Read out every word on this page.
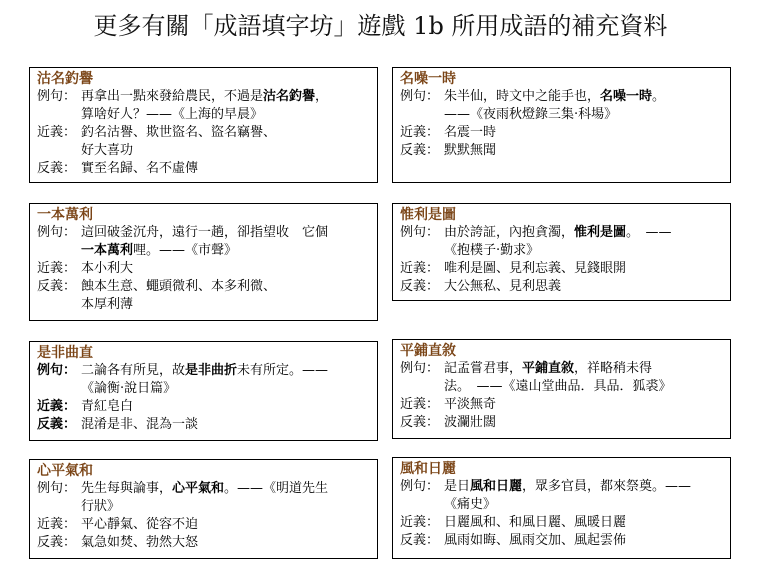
更多有關「成語填字坊」遊戲 1b 所用成語的補充資料
沽名釣譽
例句： 再拿出一點來發給農民，不過是沽名釣譽，
算啥好人？——《上海的早晨》
近義： 釣名沽譽、欺世盜名、盜名竊譽、
好大喜功
反義： 實至名歸、名不虛傳
名噪一時
例句： 朱半仙，時文中之能手也，名噪一時。
——《夜雨秋燈錄三集·科場》
近義： 名震一時
反義： 默默無聞
一本萬利
例句： 這回破釜沉舟，遠行一趟，卻指望收　它個
一本萬利哩。——《市聲》
近義： 本小利大
反義： 蝕本生意、蠅頭微利、本多利微、
本厚利薄
惟利是圖
例句： 由於誇証，內抱貪濁，惟利是圖。　——
《抱樸子·勤求》
近義： 唯利是圖、見利忘義、見錢眼開
反義： 大公無私、見利思義
是非曲直
例句： 二論各有所見，故是非曲折未有所定。——
《論衡·說日篇》
近義： 青紅皂白
反義： 混淆是非、混為一談
平鋪直敘
例句： 記孟嘗君事，平鋪直敘，祥略稍未得
法。　——《遠山堂曲品．具品．狐裘》
近義： 平淡無奇
反義： 波瀾壯闊
心平氣和
例句： 先生每與論事，心平氣和。——《明道先生
行狀》
近義： 平心靜氣、從容不迫
反義： 氣急如焚、勃然大怒
風和日麗
例句： 是日風和日麗，眾多官員，都來祭奠。——
《痛史》
近義： 日麗風和、和風日麗、風暖日麗
反義： 風雨如晦、風雨交加、風起雲佈
